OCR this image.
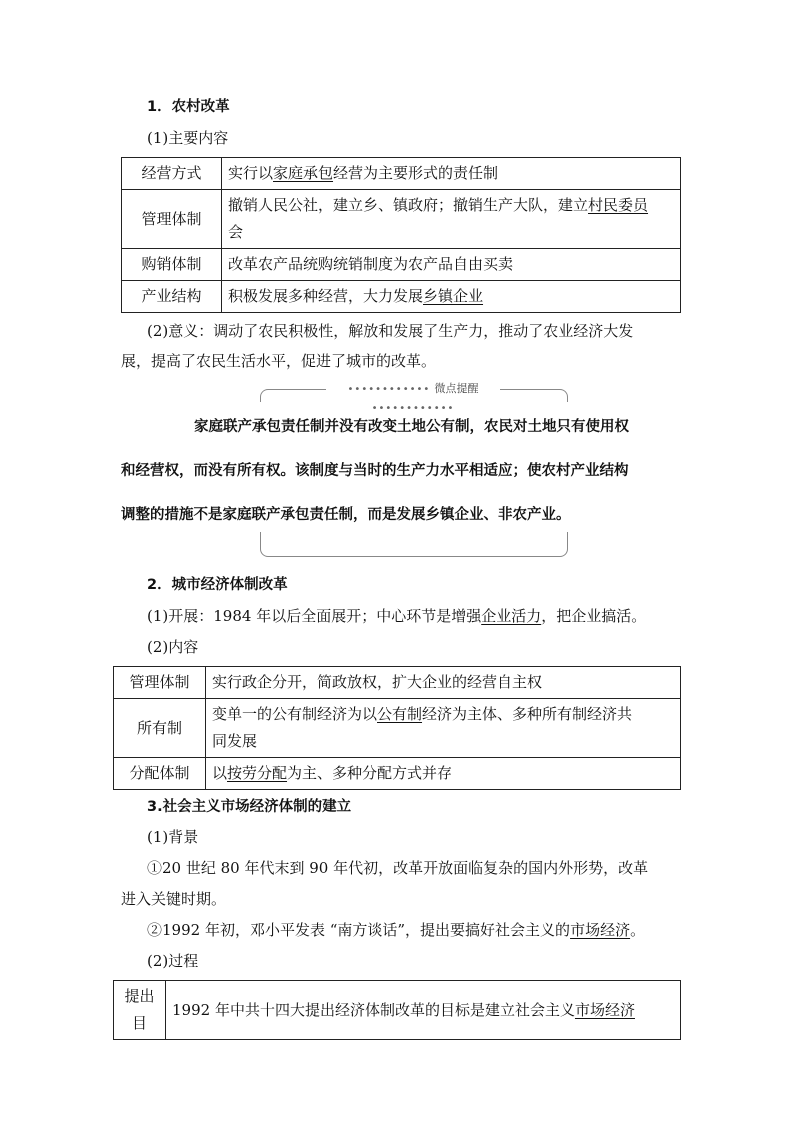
1．农村改革
(1)主要内容
经营方式	实行以家庭承包经营为主要形式的责任制
管理体制	撤销人民公社，建立乡、镇政府；撤销生产大队，建立村民委员
会
购销体制	改革农产品统购统销制度为农产品自由买卖
产业结构	积极发展多种经营，大力发展乡镇企业
(2)意义：调动了农民积极性，解放和发展了生产力，推动了农业经济大发
展，提高了农民生活水平，促进了城市的改革。
•••••••••••• 微点提醒 ••••••••••••
家庭联产承包责任制并没有改变土地公有制，农民对土地只有使用权
和经营权，而没有所有权。该制度与当时的生产力水平相适应；使农村产业结构
调整的措施不是家庭联产承包责任制，而是发展乡镇企业、非农产业。
2．城市经济体制改革
(1)开展：1984 年以后全面展开；中心环节是增强企业活力，把企业搞活。
(2)内容
管理体制	实行政企分开，简政放权，扩大企业的经营自主权
所有制	变单一的公有制经济为以公有制经济为主体、多种所有制经济共
同发展
分配体制	以按劳分配为主、多种分配方式并存
3.社会主义市场经济体制的建立
(1)背景
①20 世纪 80 年代末到 90 年代初，改革开放面临复杂的国内外形势，改革
进入关键时期。
②1992 年初，邓小平发表 “南方谈话”，提出要搞好社会主义的市场经济。
(2)过程
提出目	1992 年中共十四大提出经济体制改革的目标是建立社会主义市场经济
